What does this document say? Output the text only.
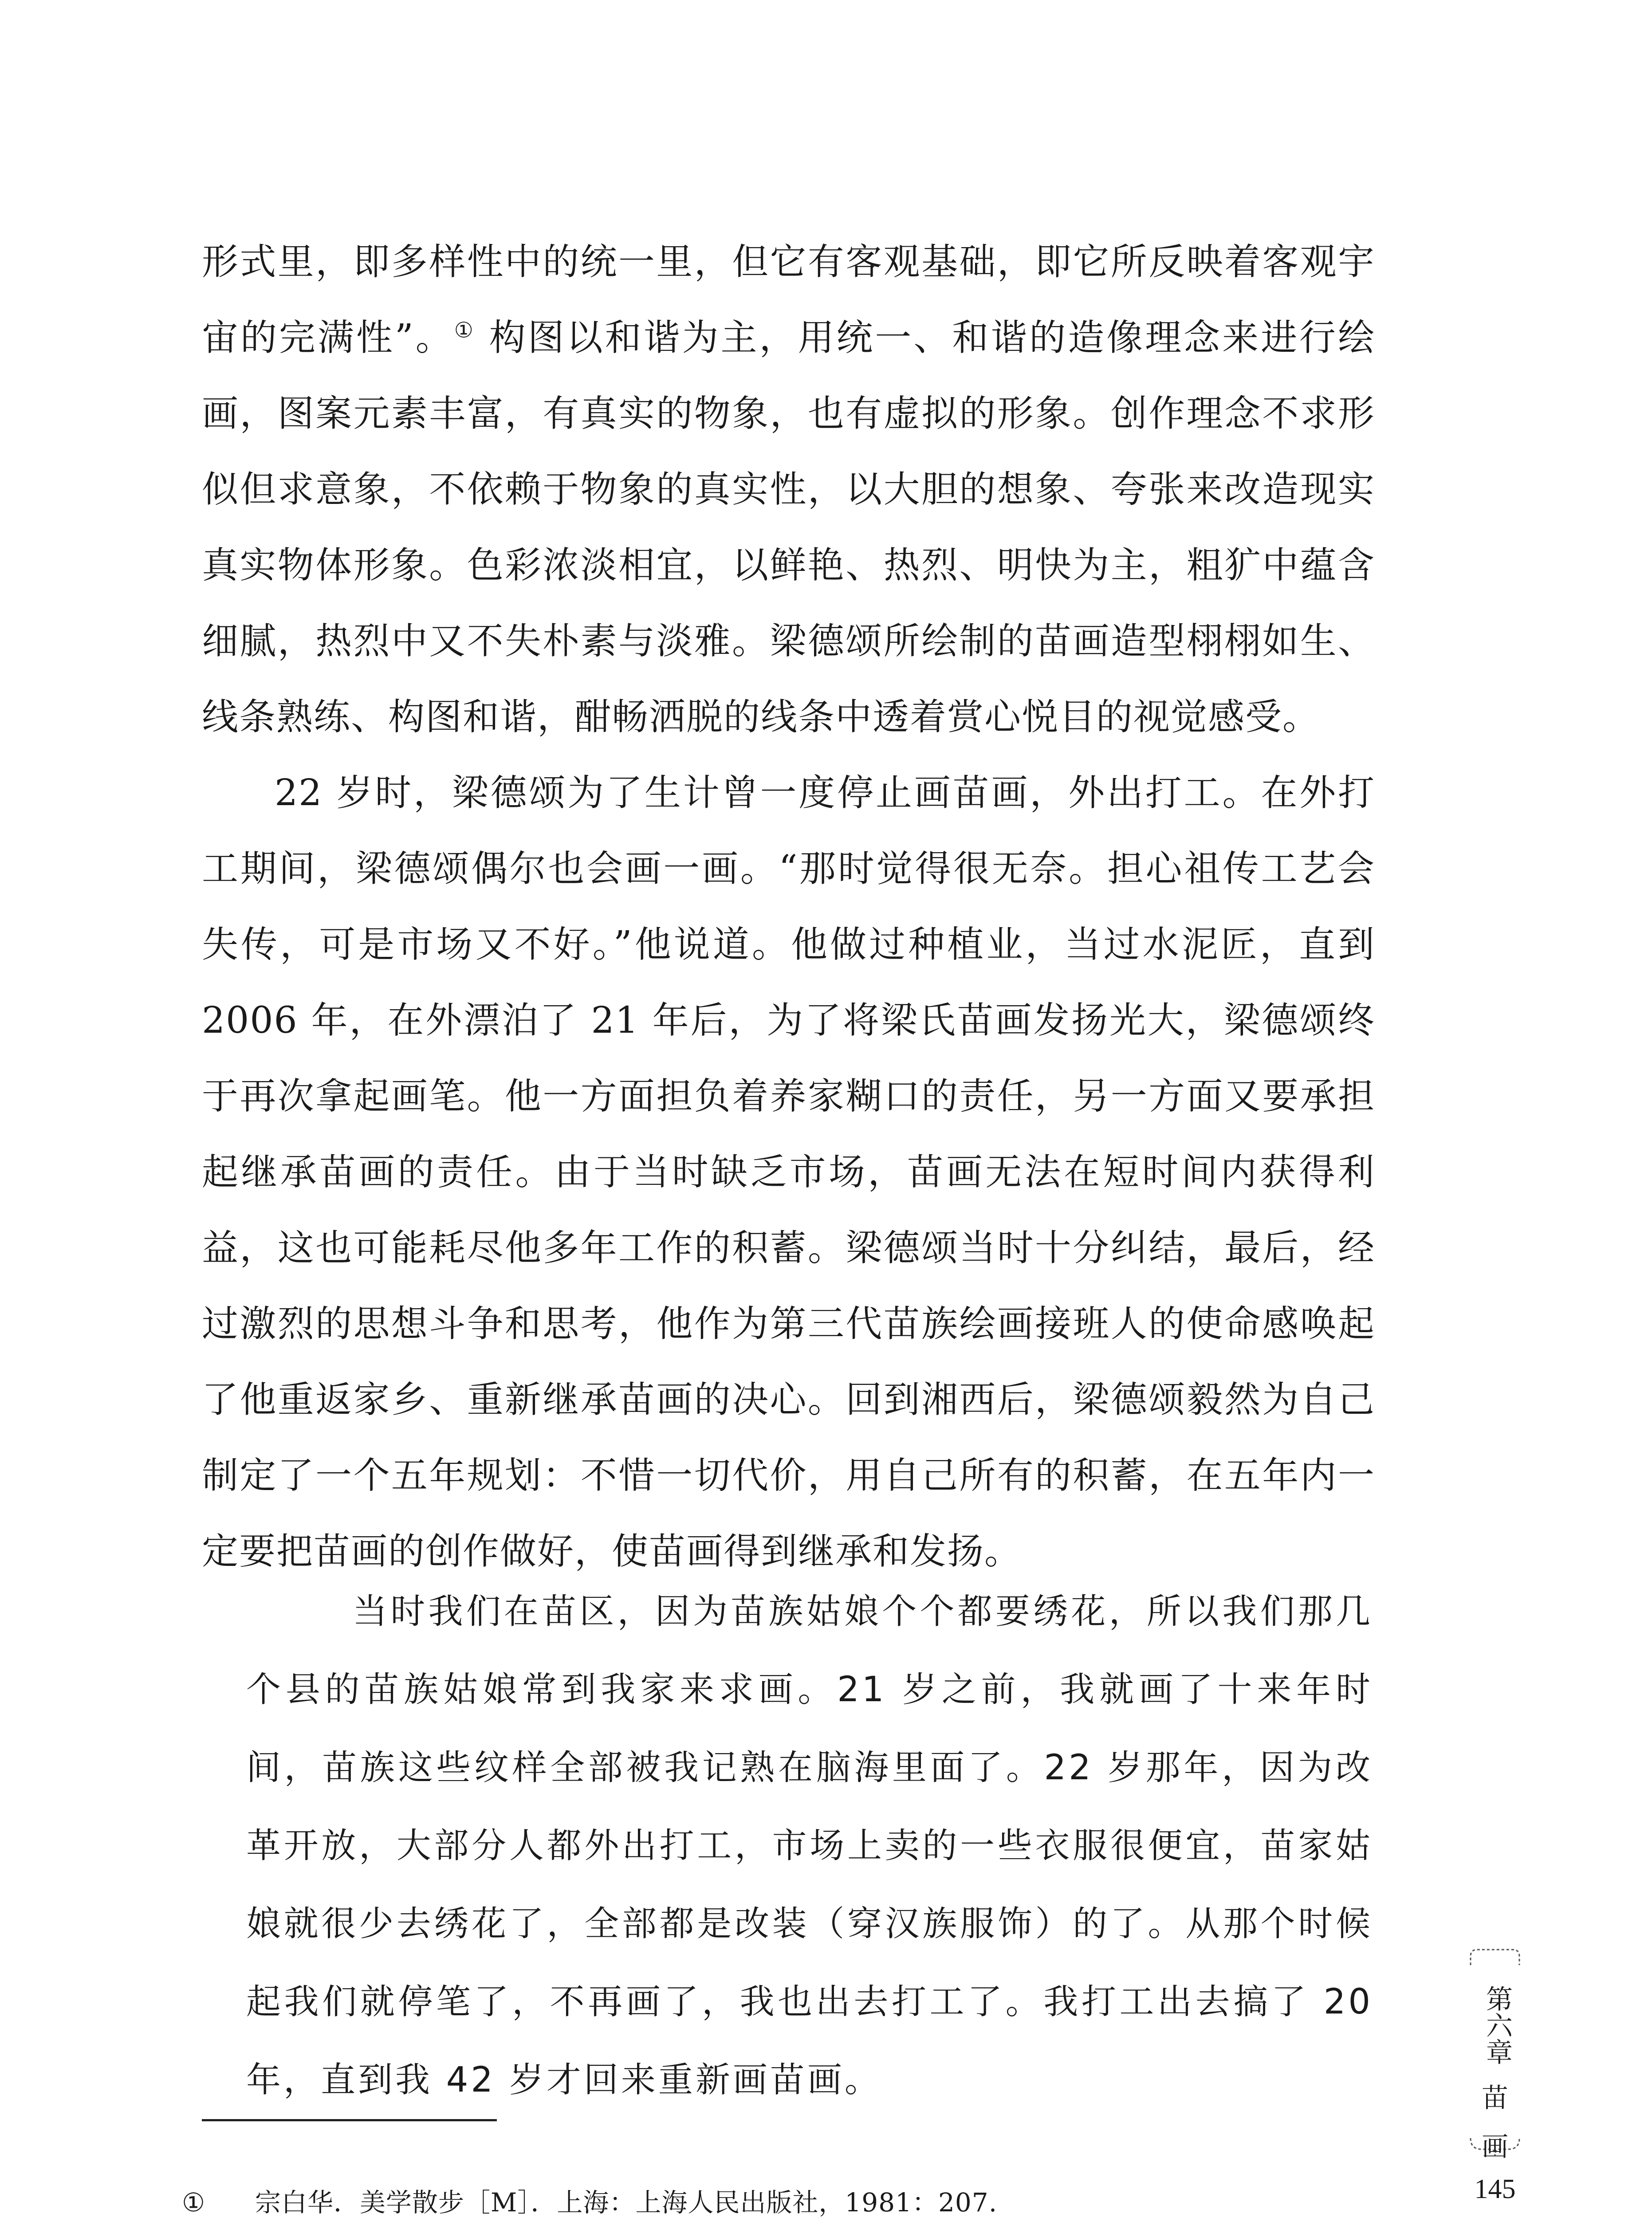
形式里，即多样性中的统一里，但它有客观基础，即它所反映着客观宇宙的完满性”。① 构图以和谐为主，用统一、和谐的造像理念来进行绘画，图案元素丰富，有真实的物象，也有虚拟的形象。创作理念不求形似但求意象，不依赖于物象的真实性，以大胆的想象、夸张来改造现实真实物体形象。色彩浓淡相宜，以鲜艳、热烈、明快为主，粗犷中蕴含细腻，热烈中又不失朴素与淡雅。梁德颂所绘制的苗画造型栩栩如生、线条熟练、构图和谐，酣畅洒脱的线条中透着赏心悦目的视觉感受。

22 岁时，梁德颂为了生计曾一度停止画苗画，外出打工。在外打工期间，梁德颂偶尔也会画一画。“那时觉得很无奈。担心祖传工艺会失传，可是市场又不好。”他说道。他做过种植业，当过水泥匠，直到 2006 年，在外漂泊了 21 年后，为了将梁氏苗画发扬光大，梁德颂终于再次拿起画笔。他一方面担负着养家糊口的责任，另一方面又要承担起继承苗画的责任。由于当时缺乏市场，苗画无法在短时间内获得利益，这也可能耗尽他多年工作的积蓄。梁德颂当时十分纠结，最后，经过激烈的思想斗争和思考，他作为第三代苗族绘画接班人的使命感唤起了他重返家乡、重新继承苗画的决心。回到湘西后，梁德颂毅然为自己制定了一个五年规划：不惜一切代价，用自己所有的积蓄，在五年内一定要把苗画的创作做好，使苗画得到继承和发扬。

当时我们在苗区，因为苗族姑娘个个都要绣花，所以我们那几个县的苗族姑娘常到我家来求画。21 岁之前，我就画了十来年时间，苗族这些纹样全部被我记熟在脑海里面了。22 岁那年，因为改革开放，大部分人都外出打工，市场上卖的一些衣服很便宜，苗家姑娘就很少去绣花了，全部都是改装（穿汉族服饰）的了。从那个时候起我们就停笔了，不再画了，我也出去打工了。我打工出去搞了 20 年，直到我 42 岁才回来重新画苗画。
① 宗白华．美学散步［M］．上海：上海人民出版社，1981：207.
第六章
苗
画
145
